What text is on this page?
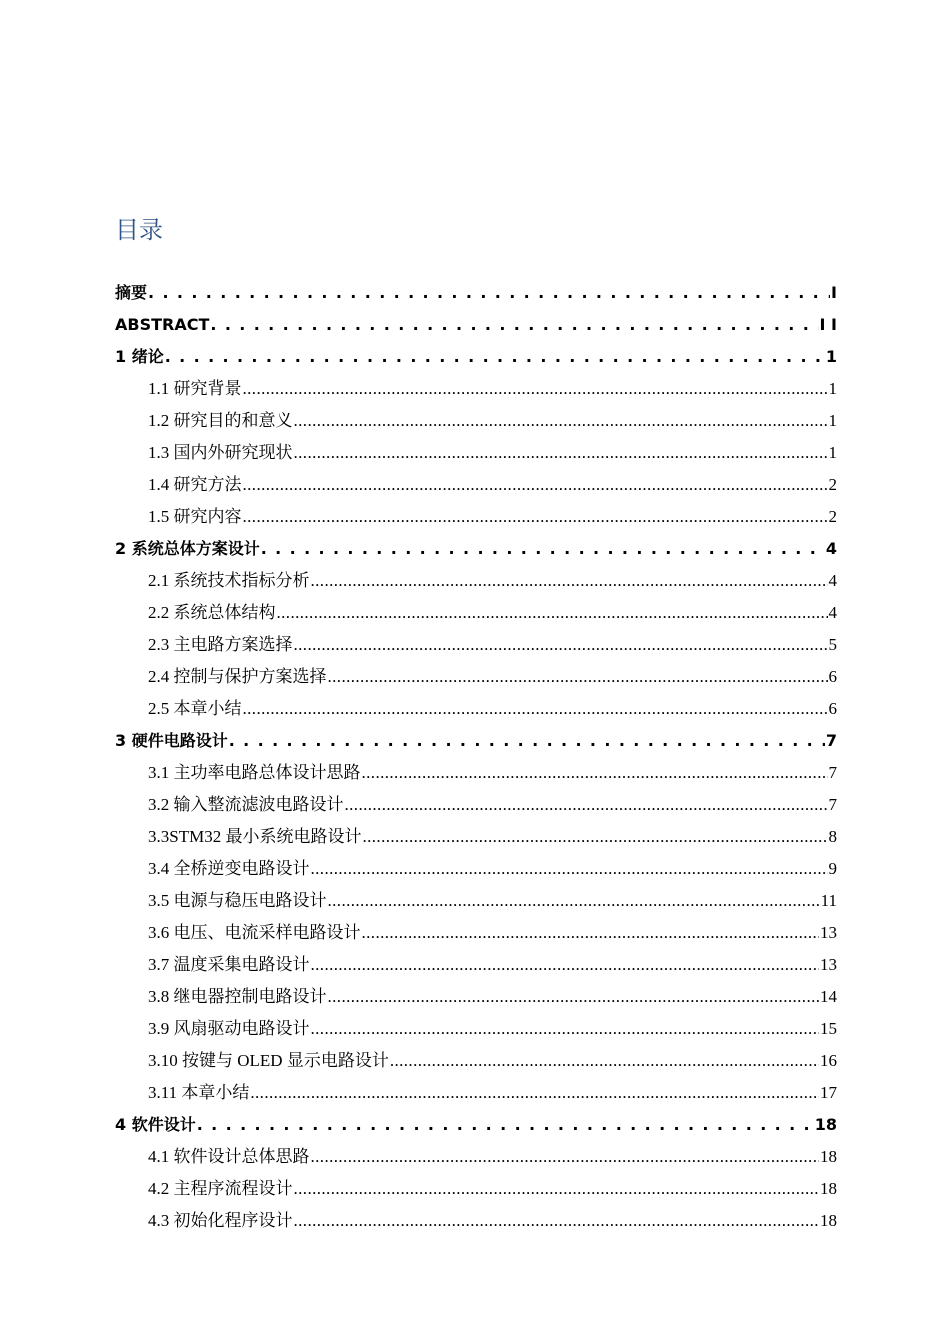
目录
摘要 . . .	I
ABSTRACT . . .	I I
1 绪论 . . .	1
1.1 研究背景 .....	1
1.2 研究目的和意义 .....	1
1.3 国内外研究现状 .....	1
1.4 研究方法 .....	2
1.5 研究内容 .....	2
2 系统总体方案设计 . . .	4
2.1 系统技术指标分析 .....	4
2.2 系统总体结构 .....	4
2.3 主电路方案选择 .....	5
2.4 控制与保护方案选择 .....	6
2.5 本章小结 .....	6
3 硬件电路设计 . . .	7
3.1 主功率电路总体设计思路 .....	7
3.2 输入整流滤波电路设计 .....	7
3.3STM32 最小系统电路设计 .....	8
3.4 全桥逆变电路设计 .....	9
3.5 电源与稳压电路设计 .....	11
3.6 电压、电流采样电路设计 .....	13
3.7 温度采集电路设计 .....	13
3.8 继电器控制电路设计 .....	14
3.9 风扇驱动电路设计 .....	15
3.10 按键与 OLED 显示电路设计 .....	16
3.11 本章小结 .....	17
4 软件设计 . . .	18
4.1 软件设计总体思路 .....	18
4.2 主程序流程设计 .....	18
4.3 初始化程序设计 .....	18
